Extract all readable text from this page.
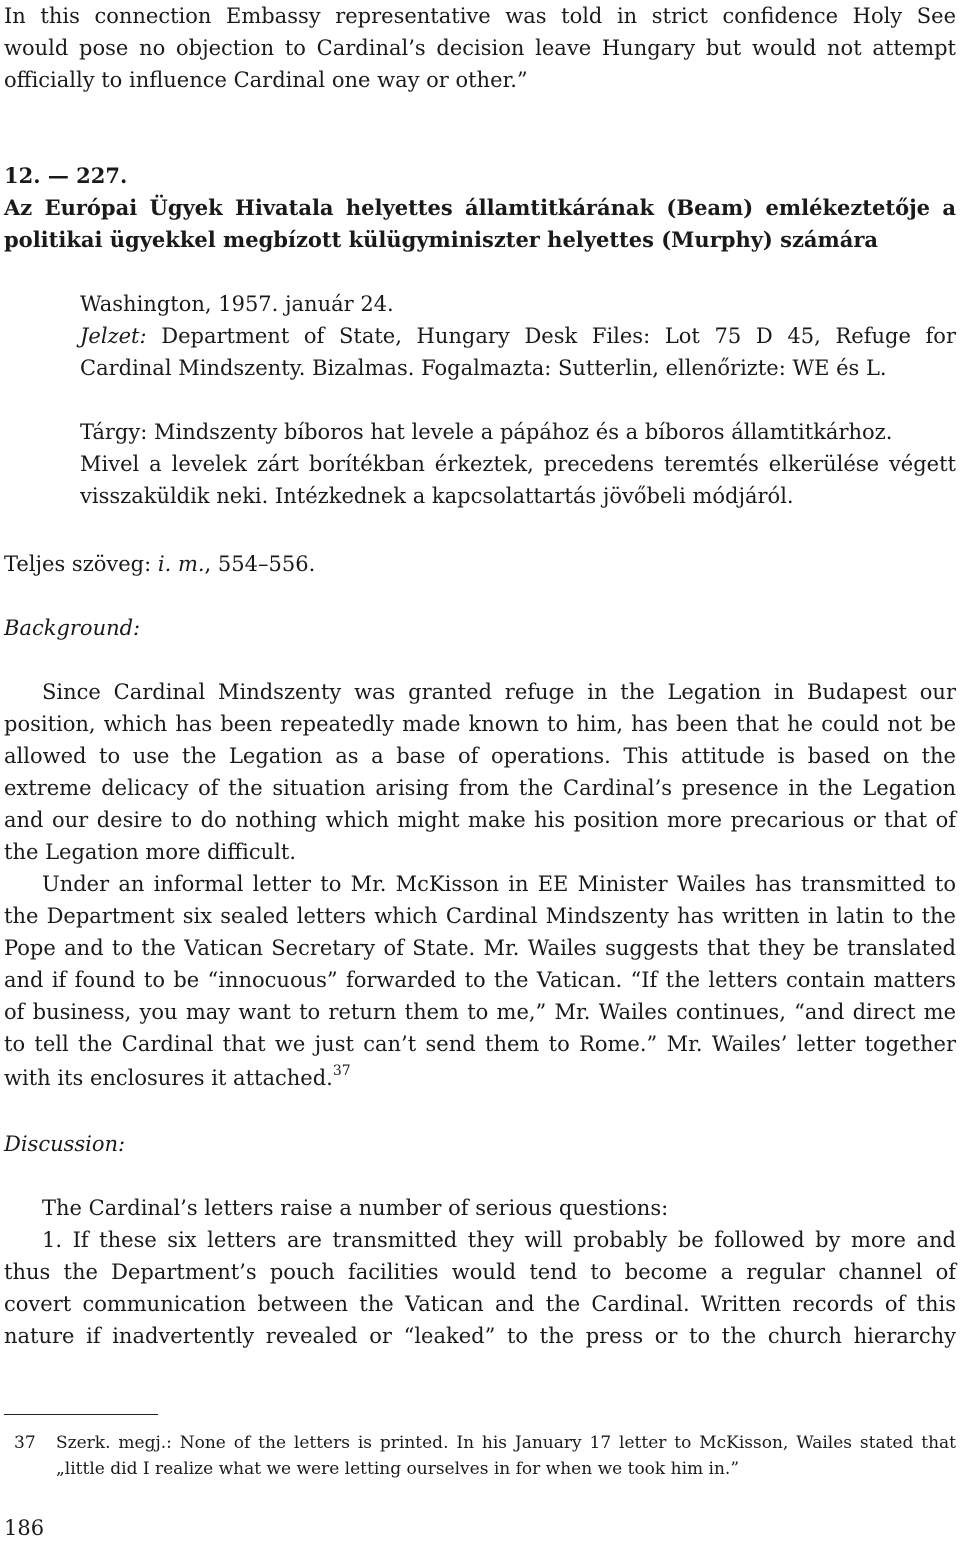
In this connection Embassy representative was told in strict confidence Holy See
would pose no objection to Cardinal’s decision leave Hungary but would not attempt
officially to influence Cardinal one way or other.”
12. — 227.
Az Európai Ügyek Hivatala helyettes államtitkárának (Beam) emlékeztetője a
politikai ügyekkel megbízott külügyminiszter helyettes (Murphy) számára
Washington, 1957. január 24.
Jelzet: Department of State, Hungary Desk Files: Lot 75 D 45, Refuge for
Cardinal Mindszenty. Bizalmas. Fogalmazta: Sutterlin, ellenőrizte: WE és L.
Tárgy: Mindszenty bíboros hat levele a pápához és a bíboros államtitkárhoz.
Mivel a levelek zárt borítékban érkeztek, precedens teremtés elkerülése végett
visszaküldik neki. Intézkednek a kapcsolattartás jövőbeli módjáról.
Teljes szöveg: i. m., 554–556.
Background:
Since Cardinal Mindszenty was granted refuge in the Legation in Budapest our
position, which has been repeatedly made known to him, has been that he could not be
allowed to use the Legation as a base of operations. This attitude is based on the
extreme delicacy of the situation arising from the Cardinal’s presence in the Legation
and our desire to do nothing which might make his position more precarious or that of
the Legation more difficult.
Under an informal letter to Mr. McKisson in EE Minister Wailes has transmitted to
the Department six sealed letters which Cardinal Mindszenty has written in latin to the
Pope and to the Vatican Secretary of State. Mr. Wailes suggests that they be translated
and if found to be “innocuous” forwarded to the Vatican. “If the letters contain matters
of business, you may want to return them to me,” Mr. Wailes continues, “and direct me
to tell the Cardinal that we just can’t send them to Rome.” Mr. Wailes’ letter together
with its enclosures it attached.$^{37}$
Discussion:
The Cardinal’s letters raise a number of serious questions:
1. If these six letters are transmitted they will probably be followed by more and
thus the Department’s pouch facilities would tend to become a regular channel of
covert communication between the Vatican and the Cardinal. Written records of this
nature if inadvertently revealed or “leaked” to the press or to the church hierarchy
37 Szerk. megj.: None of the letters is printed. In his January 17 letter to McKisson, Wailes stated that
„little did I realize what we were letting ourselves in for when we took him in.”
186
